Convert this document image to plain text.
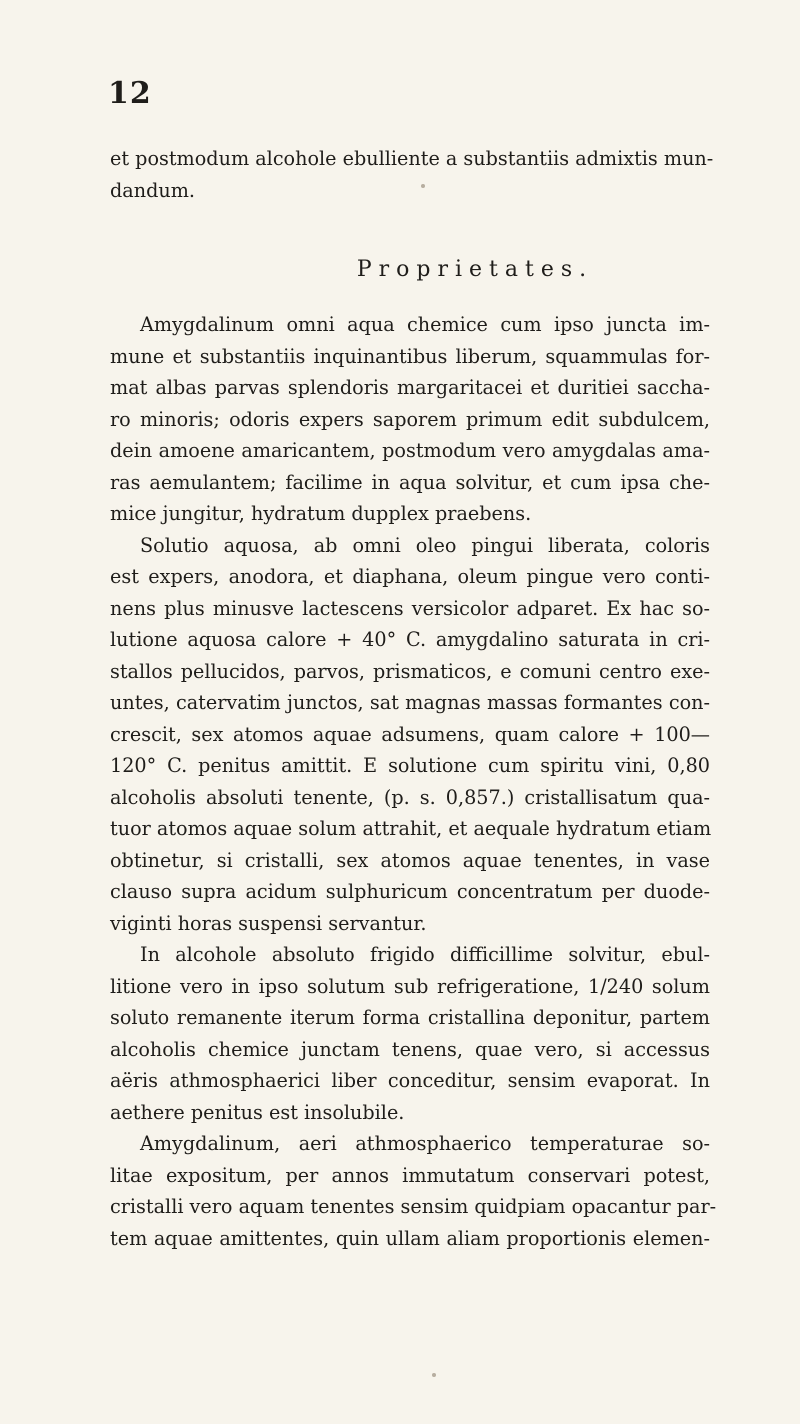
12
et postmodum alcohole ebulliente a substantiis admixtis mun-
dandum.
Proprietates.
Amygdalinum omni aqua chemice cum ipso juncta im-
mune et substantiis inquinantibus liberum, squammulas for-
mat albas parvas splendoris margaritacei et duritiei saccha-
ro minoris; odoris expers saporem primum edit subdulcem,
dein amoene amaricantem, postmodum vero amygdalas ama-
ras aemulantem; facilime in aqua solvitur, et cum ipsa che-
mice jungitur, hydratum dupplex praebens.
Solutio aquosa, ab omni oleo pingui liberata, coloris
est expers, anodora, et diaphana, oleum pingue vero conti-
nens plus minusve lactescens versicolor adparet. Ex hac so-
lutione aquosa calore + 40° C. amygdalino saturata in cri-
stallos pellucidos, parvos, prismaticos, e comuni centro exe-
untes, catervatim junctos, sat magnas massas formantes con-
crescit, sex atomos aquae adsumens, quam calore + 100—
120° C. penitus amittit. E solutione cum spiritu vini, 0,80
alcoholis absoluti tenente, (p. s. 0,857.) cristallisatum qua-
tuor atomos aquae solum attrahit, et aequale hydratum etiam
obtinetur, si cristalli, sex atomos aquae tenentes, in vase
clauso supra acidum sulphuricum concentratum per duode-
viginti horas suspensi servantur.
In alcohole absoluto frigido difficillime solvitur, ebul-
litione vero in ipso solutum sub refrigeratione, 1/240 solum
soluto remanente iterum forma cristallina deponitur, partem
alcoholis chemice junctam tenens, quae vero, si accessus
aëris athmosphaerici liber conceditur, sensim evaporat. In
aethere penitus est insolubile.
Amygdalinum, aeri athmosphaerico temperaturae so-
litae expositum, per annos immutatum conservari potest,
cristalli vero aquam tenentes sensim quidpiam opacantur par-
tem aquae amittentes, quin ullam aliam proportionis elemen-
